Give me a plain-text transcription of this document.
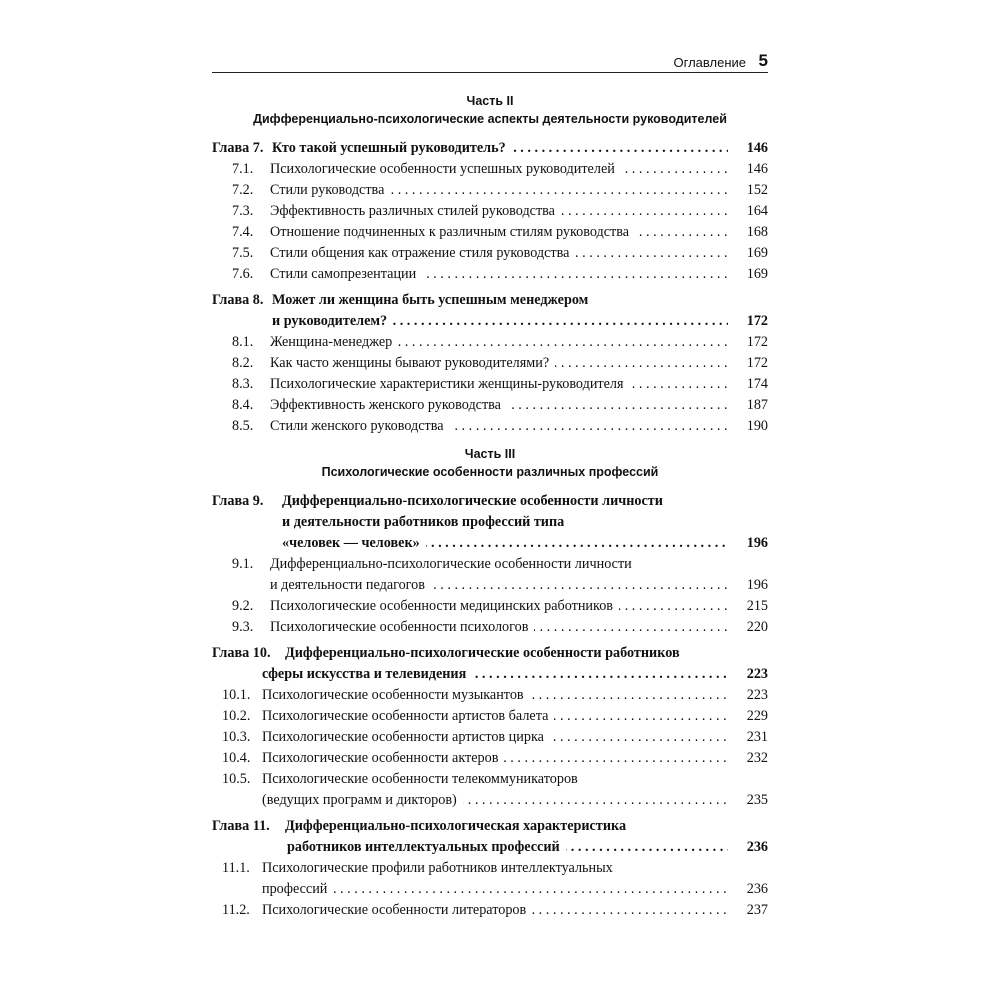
Оглавление 5
Часть II
Дифференциально-психологические аспекты деятельности руководителей
Глава 7. Кто такой успешный руководитель? . . .	146
7.1. Психологические особенности успешных руководителей . . .	146
7.2. Стили руководства . . .	152
7.3. Эффективность различных стилей руководства . . .	164
7.4. Отношение подчиненных к различным стилям руководства . . .	168
7.5. Стили общения как отражение стиля руководства . . .	169
7.6. Стили самопрезентации . . .	169
Глава 8. Может ли женщина быть успешным менеджером
и руководителем? . . .	172
8.1. Женщина-менеджер . . .	172
8.2. Как часто женщины бывают руководителями? . . .	172
8.3. Психологические характеристики женщины-руководителя . . .	174
8.4. Эффективность женского руководства . . .	187
8.5. Стили женского руководства . . .	190
Часть III
Психологические особенности различных профессий
Глава 9. Дифференциально-психологические особенности личности
и деятельности работников профессий типа
«человек — человек» . . .	196
9.1. Дифференциально-психологические особенности личности
и деятельности педагогов . . .	196
9.2. Психологические особенности медицинских работников . . .	215
9.3. Психологические особенности психологов . . .	220
Глава 10. Дифференциально-психологические особенности работников
сферы искусства и телевидения . . .	223
10.1. Психологические особенности музыкантов . . .	223
10.2. Психологические особенности артистов балета . . .	229
10.3. Психологические особенности артистов цирка . . .	231
10.4. Психологические особенности актеров . . .	232
10.5. Психологические особенности телекоммуникаторов
(ведущих программ и дикторов) . . .	235
Глава 11. Дифференциально-психологическая характеристика
работников интеллектуальных профессий . . .	236
11.1. Психологические профили работников интеллектуальных
профессий . . .	236
11.2. Психологические особенности литераторов . . .	237
